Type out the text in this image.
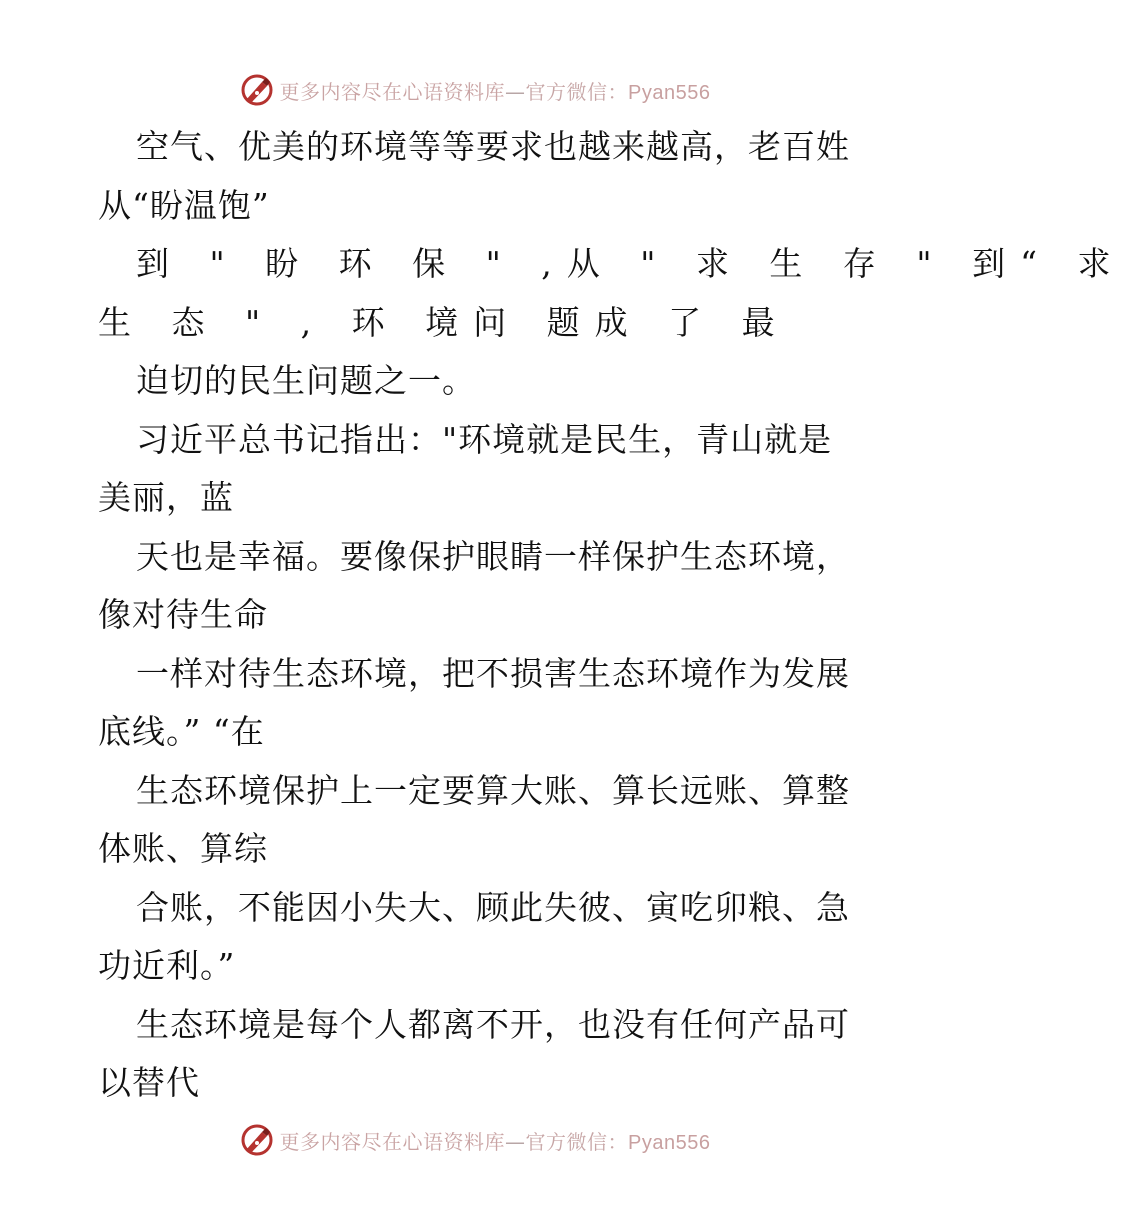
更多内容尽在心语资料库—官方微信：Pyan556
空气、优美的环境等等要求也越来越高，老百姓
从“盼温饱”
到 " 盼 环 保 " ,从 " 求 生 存 " 到“ 求
生 态 " , 环 境问 题成 了 最
迫切的民生问题之一。
习近平总书记指出："环境就是民生，青山就是
美丽，蓝
天也是幸福。要像保护眼睛一样保护生态环境，
像对待生命
一样对待生态环境，把不损害生态环境作为发展
底线。” “在
生态环境保护上一定要算大账、算长远账、算整
体账、算综
合账，不能因小失大、顾此失彼、寅吃卯粮、急
功近利。”
生态环境是每个人都离不开，也没有任何产品可
以替代
更多内容尽在心语资料库—官方微信：Pyan556
